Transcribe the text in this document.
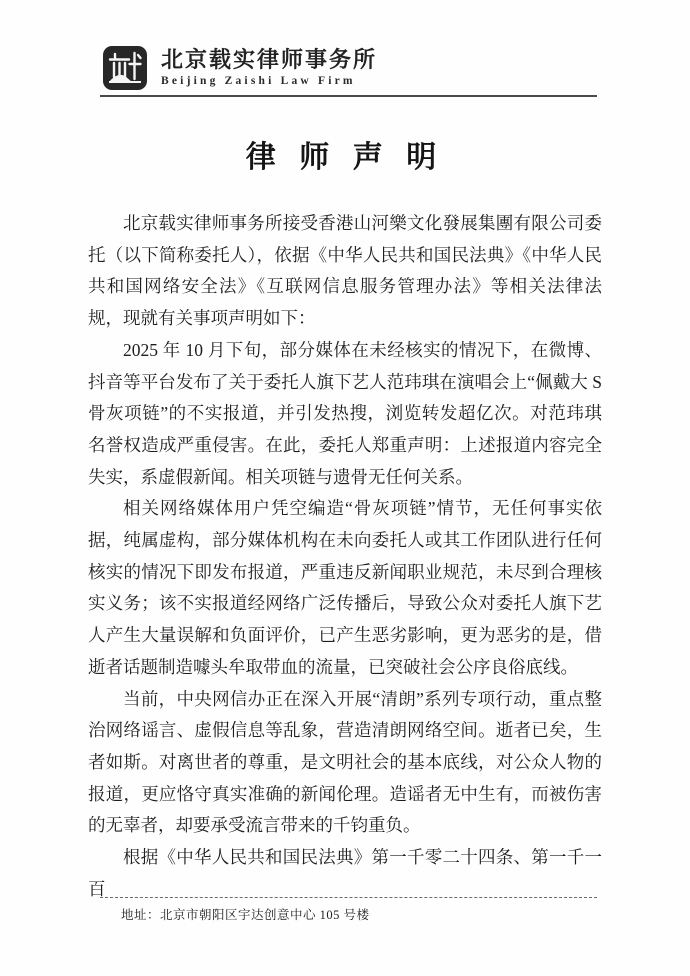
北京载实律师事务所
Beijing Zaishi Law Firm
律 师 声 明

北京载实律师事务所接受香港山河樂文化發展集團有限公司委托（以下简称委托人），依据《中华人民共和国民法典》《中华人民共和国网络安全法》《互联网信息服务管理办法》等相关法律法规，现就有关事项声明如下：

2025 年 10 月下旬，部分媒体在未经核实的情况下，在微博、抖音等平台发布了关于委托人旗下艺人范玮琪在演唱会上“佩戴大 S 骨灰项链”的不实报道，并引发热搜，浏览转发超亿次。对范玮琪名誉权造成严重侵害。在此，委托人郑重声明：上述报道内容完全失实，系虚假新闻。相关项链与遗骨无任何关系。

相关网络媒体用户凭空编造“骨灰项链”情节，无任何事实依据，纯属虚构，部分媒体机构在未向委托人或其工作团队进行任何核实的情况下即发布报道，严重违反新闻职业规范，未尽到合理核实义务；该不实报道经网络广泛传播后，导致公众对委托人旗下艺人产生大量误解和负面评价，已产生恶劣影响，更为恶劣的是，借逝者话题制造噱头牟取带血的流量，已突破社会公序良俗底线。

当前，中央网信办正在深入开展“清朗”系列专项行动，重点整治网络谣言、虚假信息等乱象，营造清朗网络空间。逝者已矣，生者如斯。对离世者的尊重，是文明社会的基本底线，对公众人物的报道，更应恪守真实准确的新闻伦理。造谣者无中生有，而被伤害的无辜者，却要承受流言带来的千钧重负。

根据《中华人民共和国民法典》第一千零二十四条、第一千一百

地址：北京市朝阳区宇达创意中心 105 号楼
